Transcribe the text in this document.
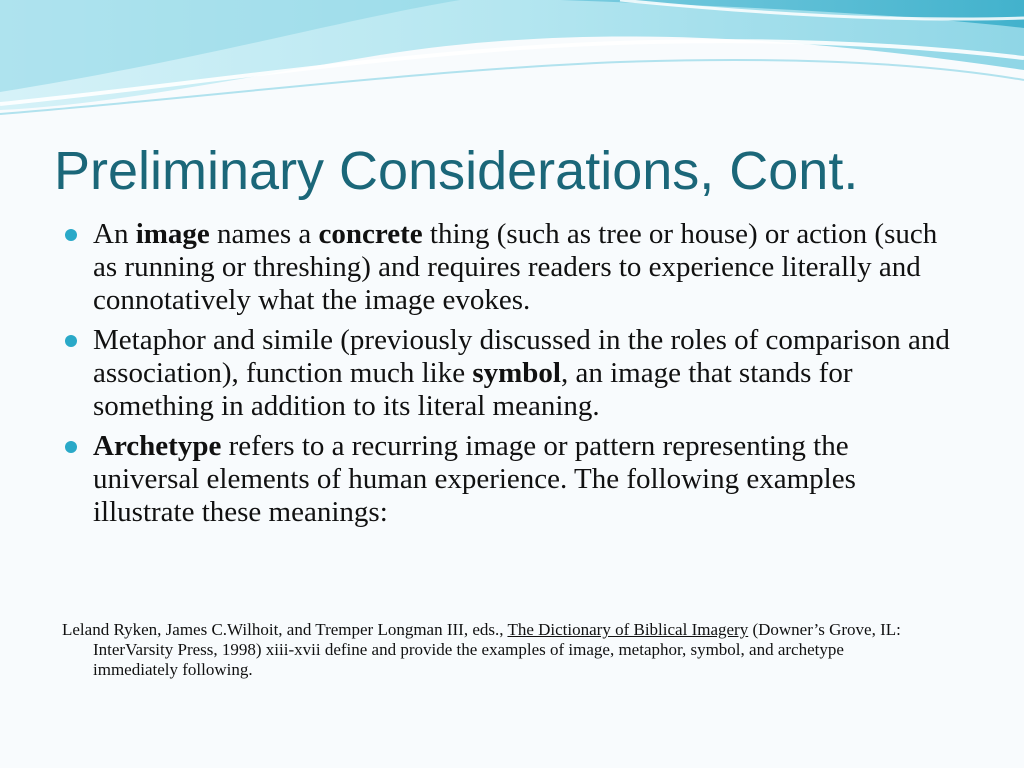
Preliminary Considerations, Cont.
An image names a concrete thing (such as tree or house) or action (such as running or threshing) and requires readers to experience literally and connotatively what the image evokes.
Metaphor and simile (previously discussed in the roles of comparison and association), function much like symbol, an image that stands for something in addition to its literal meaning.
Archetype refers to a recurring image or pattern representing the universal elements of human experience. The following examples illustrate these meanings:

Leland Ryken, James C.Wilhoit, and Tremper Longman III, eds., The Dictionary of Biblical Imagery (Downer’s Grove, IL: InterVarsity Press, 1998) xiii-xvii define and provide the examples of image, metaphor, symbol, and archetype immediately following.
